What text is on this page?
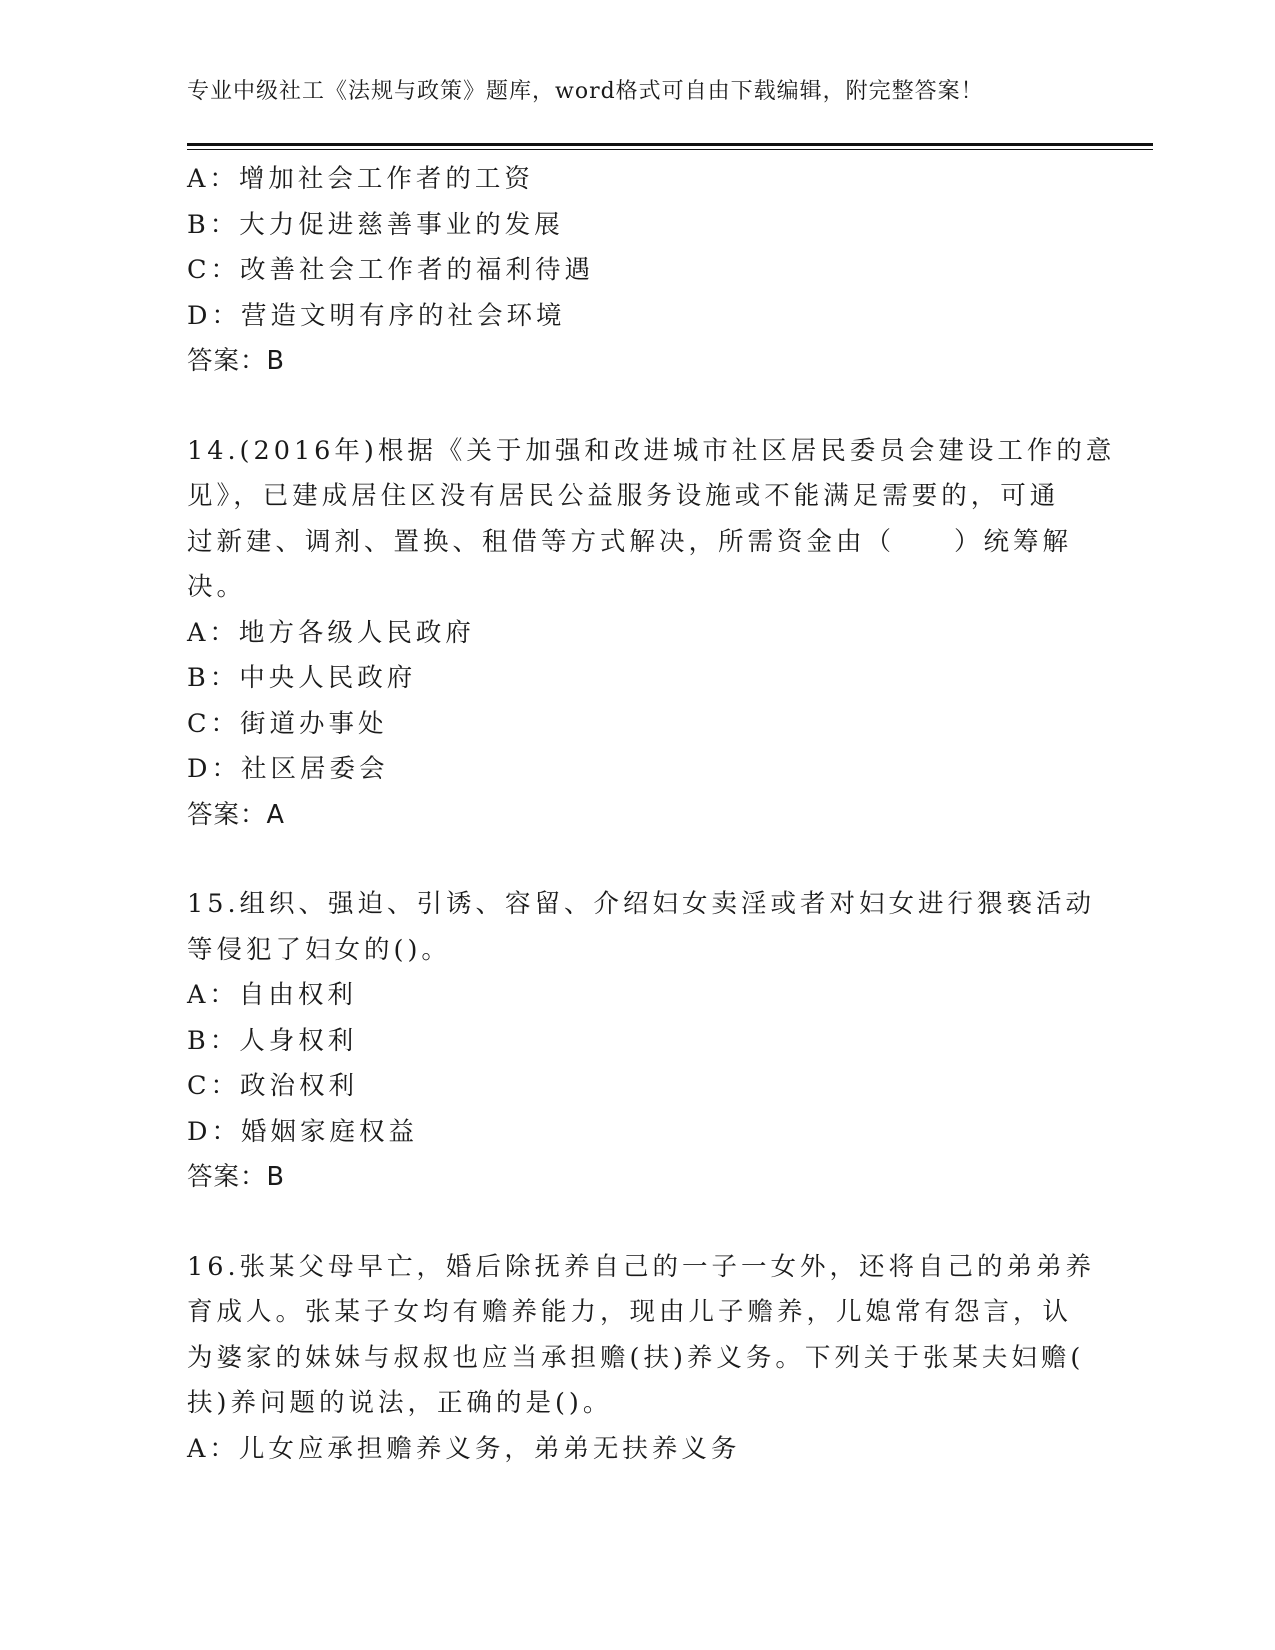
专业中级社工《法规与政策》题库，word格式可自由下载编辑，附完整答案！
A：增加社会工作者的工资
B：大力促进慈善事业的发展
C：改善社会工作者的福利待遇
D：营造文明有序的社会环境
答案：B
14.(2016年)根据《关于加强和改进城市社区居民委员会建设工作的意
见》，已建成居住区没有居民公益服务设施或不能满足需要的，可通
过新建、调剂、置换、租借等方式解决，所需资金由（　　）统筹解
决。
A：地方各级人民政府
B：中央人民政府
C：街道办事处
D：社区居委会
答案：A
15.组织、强迫、引诱、容留、介绍妇女卖淫或者对妇女进行猥亵活动
等侵犯了妇女的()。
A：自由权利
B：人身权利
C：政治权利
D：婚姻家庭权益
答案：B
16.张某父母早亡，婚后除抚养自己的一子一女外，还将自己的弟弟养
育成人。张某子女均有赡养能力，现由儿子赡养，儿媳常有怨言，认
为婆家的妹妹与叔叔也应当承担赡(扶)养义务。下列关于张某夫妇赡(
扶)养问题的说法，正确的是()。
A：儿女应承担赡养义务，弟弟无扶养义务
